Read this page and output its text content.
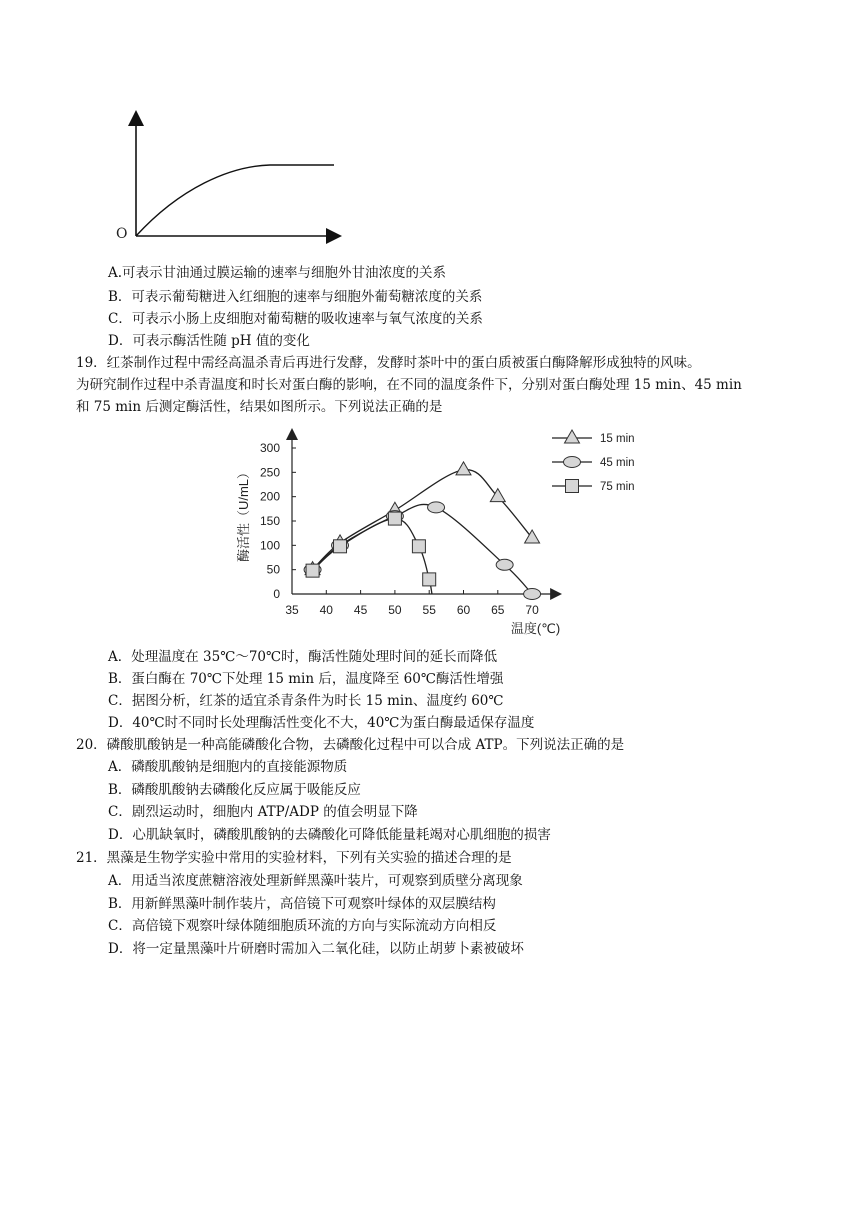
O
A.可表示甘油通过膜运输的速率与细胞外甘油浓度的关系
B．可表示葡萄糖进入红细胞的速率与细胞外葡萄糖浓度的关系
C．可表示小肠上皮细胞对葡萄糖的吸收速率与氧气浓度的关系
D．可表示酶活性随 pH 值的变化
19．红茶制作过程中需经高温杀青后再进行发酵，发酵时茶叶中的蛋白质被蛋白酶降解形成独特的风味。
为研究制作过程中杀青温度和时长对蛋白酶的影响，在不同的温度条件下，分别对蛋白酶处理 15 min、45 min
和 75 min 后测定酶活性，结果如图所示。下列说法正确的是
35 40 45 50 55 60 65 70
0
50
100
150
200
250
300
温度(℃)
酶活性（U/mL）
15 min
45 min
75 min
A．处理温度在 35℃～70℃时，酶活性随处理时间的延长而降低
B．蛋白酶在 70℃下处理 15 min 后，温度降至 60℃酶活性增强
C．据图分析，红茶的适宜杀青条件为时长 15 min、温度约 60℃
D．40℃时不同时长处理酶活性变化不大，40℃为蛋白酶最适保存温度
20．磷酸肌酸钠是一种高能磷酸化合物，去磷酸化过程中可以合成 ATP。下列说法正确的是
A．磷酸肌酸钠是细胞内的直接能源物质
B．磷酸肌酸钠去磷酸化反应属于吸能反应
C．剧烈运动时，细胞内 ATP/ADP 的值会明显下降
D．心肌缺氧时，磷酸肌酸钠的去磷酸化可降低能量耗竭对心肌细胞的损害
21．黑藻是生物学实验中常用的实验材料，下列有关实验的描述合理的是
A．用适当浓度蔗糖溶液处理新鲜黑藻叶装片，可观察到质壁分离现象
B．用新鲜黑藻叶制作装片，高倍镜下可观察叶绿体的双层膜结构
C．高倍镜下观察叶绿体随细胞质环流的方向与实际流动方向相反
D．将一定量黑藻叶片研磨时需加入二氧化硅，以防止胡萝卜素被破坏
